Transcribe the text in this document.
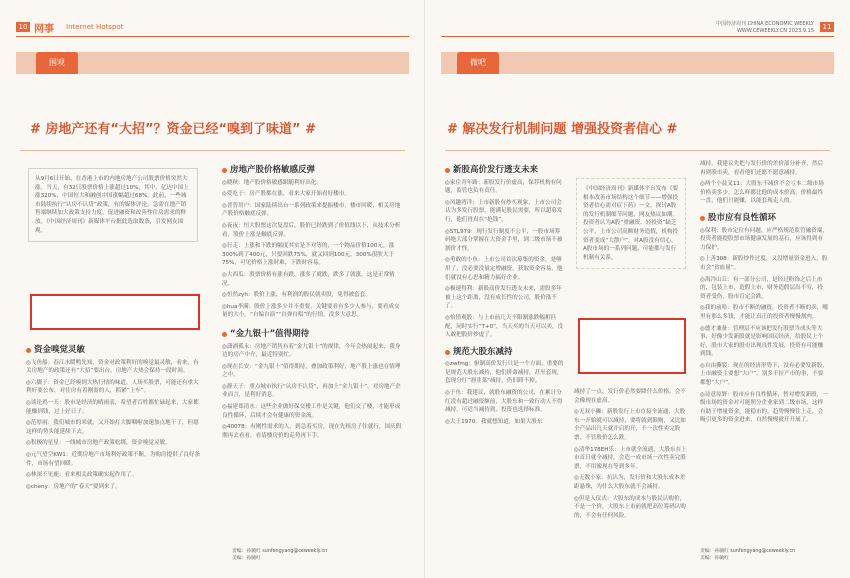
10 网事 Internet Hotspot
围观
# 房地产还有“大招”？资金已经“嗅到了味道” #
从9月6日开始，在香港上市的内地房地产公司股票价格突然大涨。当天，有32只股票价格上涨超过10%，其中，亿达中国上涨320%，中国恒大和融创中国涨幅超过68%。此前，一些城市陆续执行“认房不认贷”政策，有的媒体评论，急需在地产销售端继续加大政策支持力度，促进融资和改善性住房需求的释放。《中国经济周刊》新媒体平台据此选取数条，引发网友围观。
资金嗅觉灵敏
◎飞鱼船：春江水暖鸭先知，资金对政策利好的嗅觉最灵敏，看来，有关房地产的政策还有“大招”要出台，房地产大热会保持一段时间。
◎六脚子：资金已经嗅到大热行情的味道，人场买股票，可能还有重大利好要公布，对住房有着刚需的人，抓紧“上车”。
◎谈论鸡一天：股市是经济的晴雨表，希望者百姓都忙碌起来，大家都能赚到钱，过上好日子。
◎范厚雨：我们城市的米就，又开始打大脚咽啦加速加点地干了，但愿这样的势头能延续下去。
◎积极的星星：一线城市房地产政策松绑，资金嗅觉灵敏。
◎元气望空KW1：近期房地产市场利好政策不断，为购房提供了良好条件，市场有望回暖。
◎林深不见鹿：看来相关政策确实起作用了。
◎cheny：房地产的“春天”要到来了。
房地产股价格敏感反弹
◎晓秋：地产股价格敏感跟随利好出化。
◎爱吃于：房产股都在涨，看来大家开始看好楼市。
◎普普用户：国家陆续出台一系列政策来提振楼市，楼市回暖，相关房地产股价格触底反弹。
◎夜夜：恒大股票这次复盘后，股价已经跌到了价值线以下，从技术分析看，股价上涨是触底反弹。
◎行走：上涨和下跌的幅度其实是不对等的，一个物品价格100元，涨300%到了400元，只要回跌75%，就又回到100元。300%很肤大于75%，可见价格上涨时难，下跌时容易。
◎大西瓜：股票价格有涨有跌，涨多了就跌，跌多了就涨，这是正常情况。
◎恒然zyh：股价上涨，有利润的股民就卖股，免得被套套。
◎hua李满：股价上涨多少并不重要，关键要看有多少人参与，要看成交量的大小。“自编自演”“自弹自唱”的行情，没多大意思。
“金九银十”值得期待
◎潇洒孤永：房地产销售有着“金九银十”的规律，今年会热闹起来，我身边的房产中介，最近特别忙。
◎现在长安：“金九银十”值得期待，叠加政策利好，地产股上涨也在情理之中。
◎静天子：重点城市执行“认房不认贷”，再加上“金九银十”，对房地产企业而言，是利好消息。
◎福建郑清水：这些企业做好保交楼工作是关键，他们交了楼，才能形成良性循环，后续才会有健康的资金流。
◎40078：有刚性需求的人，到急着买房，现在先租房子住就行，国庆假期再去看看，看请楼房价的走势再下手。
责编：孙毓红 sunfengyang@ceweekly.cn
美编：孙毓红
中国经济周刊 CHINA ECONOMIC WEEKLY
WWW.CEWEEKLY.CN 2023.9.15	11
微吧
# 解决发行机制问题 增强投资者信心 #
新股高价发行透支未来
◎家住青年路：新股发行价虚高，保荐机构有问题，监管也负有责任。
◎风趣湾洋：上市新股有炒买现象，上市公司会认为多发行股票，能满足股民需要，所以超募发行，他们胃真在“抢钱”。
◎STL979：现行发行制度不公平，一股市场筹码绝大部分掌握在大资金手里，到二级市场不被割价才怪。
◎勇敢的小鱼：上市公司首次募集的资金，是够用了，没必要没量定增融资，获取资金容易，他们就没有心思和精力搞好企业。
◎极速得利：新股高价发行透支未来，需股多年被上这个距离，没有成长性的公司，股价涨不了。
◎怡情观股：与上市前几天不限制涨跌幅相匹配，同时实行“T+0”，当天买的当天可以卖，没人敢把股价炒虚了。
规范大股东减持
◎zwfmg：驱制高价发行只是一个方面，重要的是规范大股东减持，他们拼命减持，甚至套现，套现分红“割韭菜”减持，仍旧卸不掉。
◎千鱼：我建议，就股东融资的公司，在累计分红没有超过融资额前，大股东和一致行动人不得减持，可适当减持到，投资也选择标准。
◎大王1970：我就想知道，如果大股东
《中国经济周刊》新媒体平台发布《要根本改善市场结构这个细节——增强投资者信心需对症下药》一文，探讨A股的发行机制细节问题，网友热议如潮。
投资者认为A股“重融资、轻投资”缺乏公平，上市公司高额财务造假，机构投资者变成“大散户”，对A股没有信心。A股市场的一系列问题，可能都与发行机制有关系。
减持了一点，发行价必然要降什么价格，会不会像现在虚高。
◎无双小狮：新股发行上市直接全流通，大股东一开始就可以减持，要将就到限购，又比如全产品出几天就开启的开，不一次性卖完股票，不管股价怎么跌。
◎清华178EH乐：上市就全流通，大股东在上市首日就全减持，会造一成市场一次性卖完股票，不用像现在等到多年。
◎无数小家：抗认为，发行价和大股东成本差距悬殊，为什么大股东就不会减持。
◎但是人仪式：大股东的成本与股民认购价，不是一个价，大股东上市前就把高位筹码认购的，不会有任何风险。
减持，我建议先把与发行价的差价部分补齐，然后再到股市卖，看看他们还愿不愿意减持。
◎两个小益叉11：大股东不减价不会亏本二级市场价格卖多少，怎么样都比他的成本价高，价格最终一盘，他们只能赚，以能套现走人的。
股市应有良性循环
◎保利：股市定位有问题，应严格规范监管融资端，投资者能提股票市场健康发展的基石，应该得到有力保护。
◎上善308：新股炒作过度，又没增量资金进入，股市会“贫血量”。
◎海冷山丘：有一部分公司，是经过粉饰之后上市的，包装上市，造假上市，财务造假层出不穷，投资者受伤，股市肯定会跌。
◎我的前哈：股市不断的融资，投资者不断的卖，哪里有那么多钱，才能让真正的投资者慢慢割肉。
◎德才兼备：管理层不应该把发行股票当成头等大事，好像少发新股就是影响国民经济，给股民上个好，股市大家的股市出现良性发展，投资有可能赚到钱。
◎自由撕裂：现在的经济形势下，没有必要发新股，上市融资主要想“大户”，别多干拉产市的事，不要都想“大户”。
◎诗意原野：股市应有良性循环，暂对增发新股，一级市场的资金对可能照分企业家到二级市场，这样有助于增量资金，能稳市的，趋势慢慢往上走，会吸引更多的资金进来，自然慢慢就开开展了。
责编：孙毓红 sunfengyang@ceweekly.cn
美编：孙毓红
